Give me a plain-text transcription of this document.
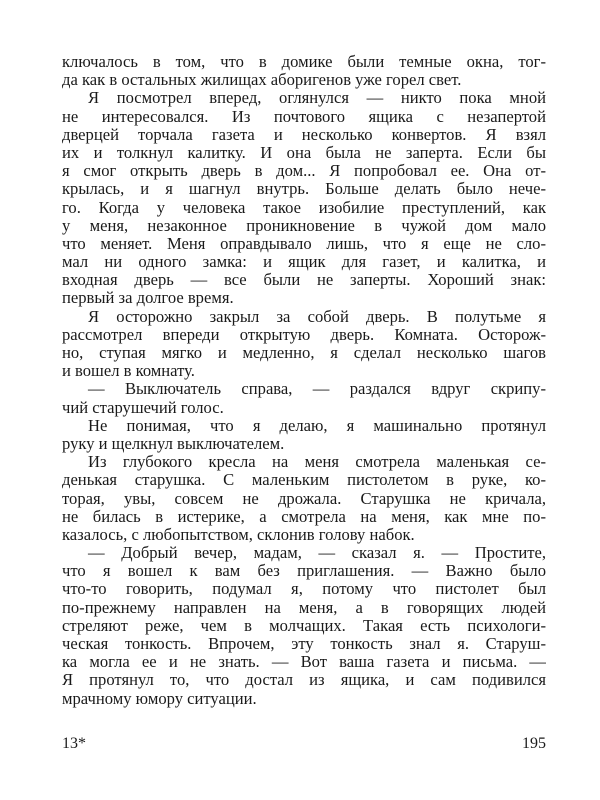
ключалось в том, что в домике были темные окна, тог-
да как в остальных жилищах аборигенов уже горел свет.
Я посмотрел вперед, оглянулся — никто пока мной
не интересовался. Из почтового ящика с незапертой
дверцей торчала газета и несколько конвертов. Я взял
их и толкнул калитку. И она была не заперта. Если бы
я смог открыть дверь в дом... Я попробовал ее. Она от-
крылась, и я шагнул внутрь. Больше делать было нече-
го. Когда у человека такое изобилие преступлений, как
у меня, незаконное проникновение в чужой дом мало
что меняет. Меня оправдывало лишь, что я еще не сло-
мал ни одного замка: и ящик для газет, и калитка, и
входная дверь — все были не заперты. Хороший знак:
первый за долгое время.
Я осторожно закрыл за собой дверь. В полутьме я
рассмотрел впереди открытую дверь. Комната. Осторож-
но, ступая мягко и медленно, я сделал несколько шагов
и вошел в комнату.
— Выключатель справа, — раздался вдруг скрипу-
чий старушечий голос.
Не понимая, что я делаю, я машинально протянул
руку и щелкнул выключателем.
Из глубокого кресла на меня смотрела маленькая се-
денькая старушка. С маленьким пистолетом в руке, ко-
торая, увы, совсем не дрожала. Старушка не кричала,
не билась в истерике, а смотрела на меня, как мне по-
казалось, с любопытством, склонив голову набок.
— Добрый вечер, мадам, — сказал я. — Простите,
что я вошел к вам без приглашения. — Важно было
что-то говорить, подумал я, потому что пистолет был
по-прежнему направлен на меня, а в говорящих людей
стреляют реже, чем в молчащих. Такая есть психологи-
ческая тонкость. Впрочем, эту тонкость знал я. Старуш-
ка могла ее и не знать. — Вот ваша газета и письма. —
Я протянул то, что достал из ящика, и сам подивился
мрачному юмору ситуации.
13*	195
